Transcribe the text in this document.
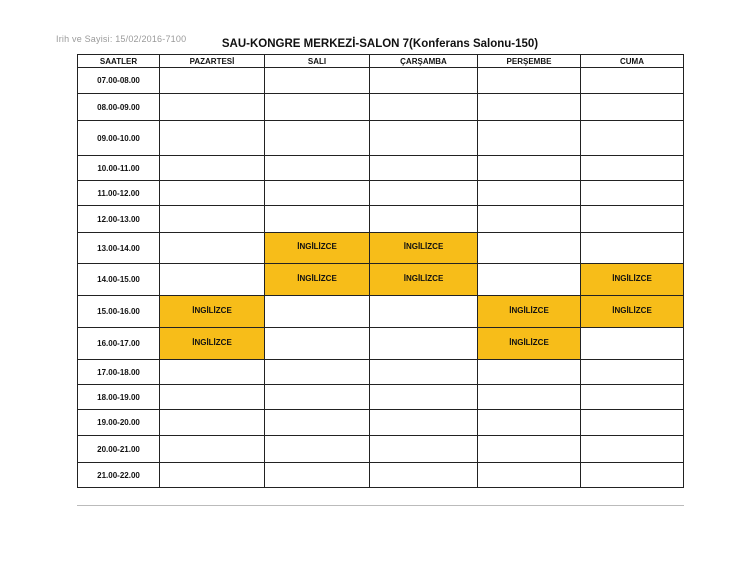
Irih ve Sayisi: 15/02/2016-7100	SAU-KONGRE MERKEZİ-SALON 7(Konferans Salonu-150)
SAATLER	PAZARTESİ	SALI	ÇARŞAMBA	PERŞEMBE	CUMA
07.00-08.00					
08.00-09.00					
09.00-10.00					
10.00-11.00					
11.00-12.00					
12.00-13.00					
13.00-14.00		İNGİLİZCE	İNGİLİZCE		

14.00-15.00		İNGİLİZCE	İNGİLİZCE		İNGİLİZCE

15.00-16.00	İNGİLİZCE			İNGİLİZCE	İNGİLİZCE

16.00-17.00	İNGİLİZCE			İNGİLİZCE	

17.00-18.00					
18.00-19.00					
19.00-20.00					
20.00-21.00					
21.00-22.00					
